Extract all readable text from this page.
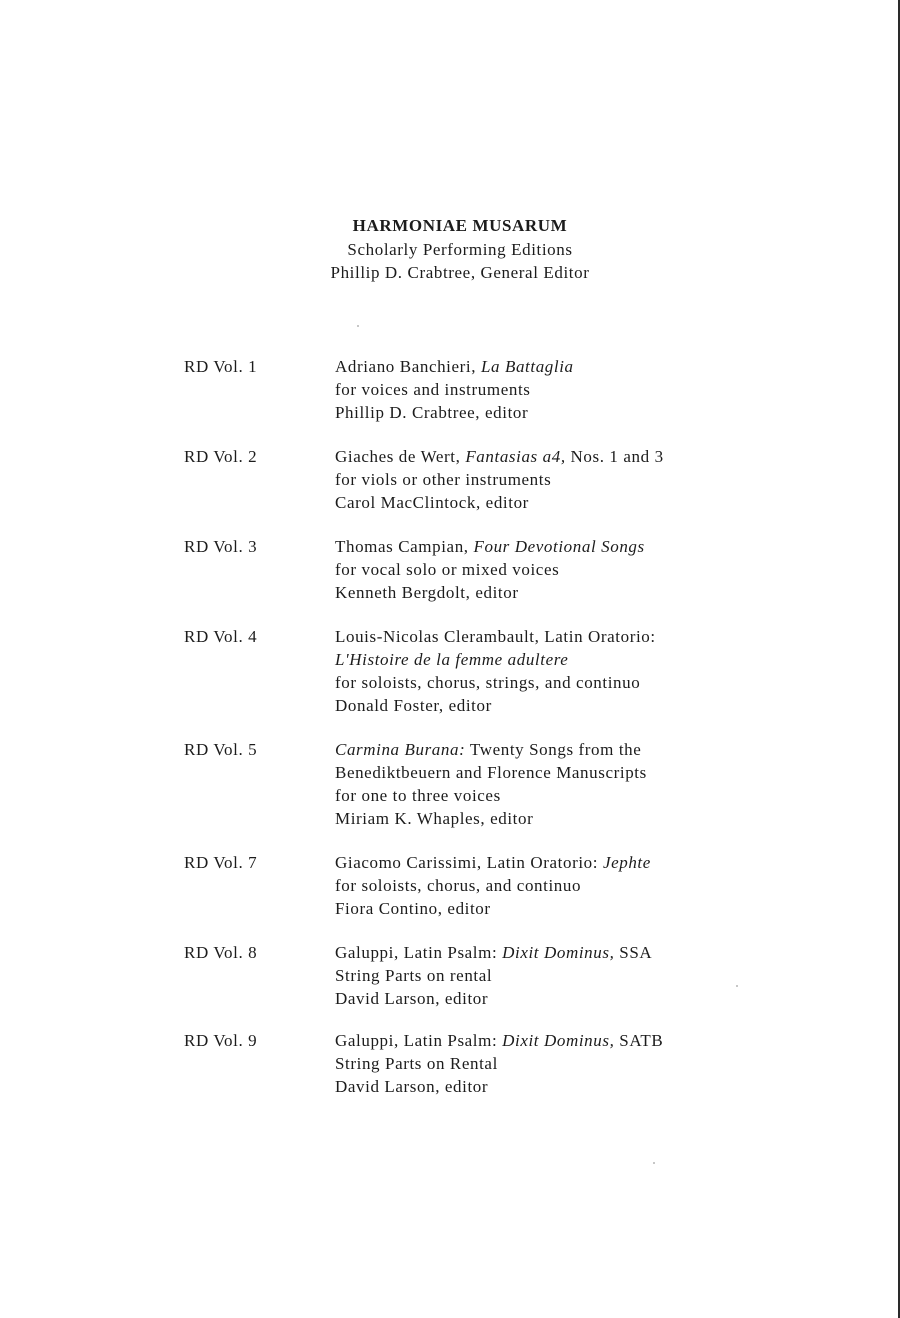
HARMONIAE MUSARUM
Scholarly Performing Editions
Phillip D. Crabtree, General Editor
RD Vol. 1	Adriano Banchieri, La Battaglia
for voices and instruments
Phillip D. Crabtree, editor
RD Vol. 2	Giaches de Wert, Fantasias a4, Nos. 1 and 3
for viols or other instruments
Carol MacClintock, editor
RD Vol. 3	Thomas Campian, Four Devotional Songs
for vocal solo or mixed voices
Kenneth Bergdolt, editor
RD Vol. 4	Louis-Nicolas Clerambault, Latin Oratorio:
L'Histoire de la femme adultere
for soloists, chorus, strings, and continuo
Donald Foster, editor
RD Vol. 5	Carmina Burana: Twenty Songs from the
Benediktbeuern and Florence Manuscripts
for one to three voices
Miriam K. Whaples, editor
RD Vol. 7	Giacomo Carissimi, Latin Oratorio: Jephte
for soloists, chorus, and continuo
Fiora Contino, editor
RD Vol. 8	Galuppi, Latin Psalm: Dixit Dominus, SSA
String Parts on rental
David Larson, editor
RD Vol. 9	Galuppi, Latin Psalm: Dixit Dominus, SATB
String Parts on Rental
David Larson, editor
